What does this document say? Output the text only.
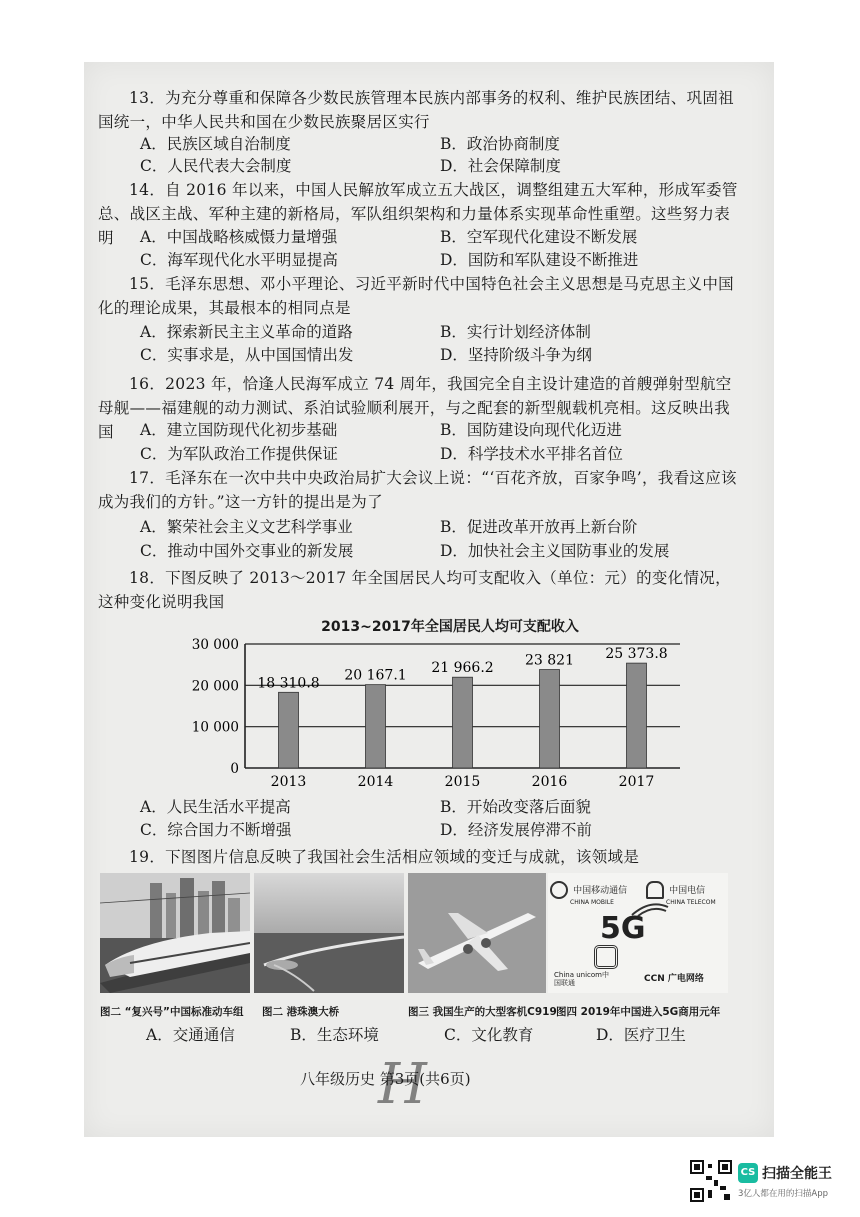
13．为充分尊重和保障各少数民族管理本民族内部事务的权利、维护民族团结、巩固祖国统一，中华人民共和国在少数民族聚居区实行

A．民族区域自治制度	B．政治协商制度
C．人民代表大会制度	D．社会保障制度

14．自 2016 年以来，中国人民解放军成立五大战区，调整组建五大军种，形成军委管总、战区主战、军种主建的新格局，军队组织架构和力量体系实现革命性重塑。这些努力表明	A．中国战略核威慑力量增强	B．空军现代化建设不断发展
C．海军现代化水平明显提高	D．国防和军队建设不断推进

15．毛泽东思想、邓小平理论、习近平新时代中国特色社会主义思想是马克思主义中国化的理论成果，其最根本的相同点是

A．探索新民主主义革命的道路	B．实行计划经济体制
C．实事求是，从中国国情出发	D．坚持阶级斗争为纲

16．2023 年，恰逢人民海军成立 74 周年，我国完全自主设计建造的首艘弹射型航空母舰——福建舰的动力测试、系泊试验顺利展开，与之配套的新型舰载机亮相。这反映出我国	A．建立国防现代化初步基础	B．国防建设向现代化迈进
C．为军队政治工作提供保证	D．科学技术水平排名首位

17．毛泽东在一次中共中央政治局扩大会议上说：“‘百花齐放，百家争鸣’，我看这应该成为我们的方针。”这一方针的提出是为了

A．繁荣社会主义文艺科学事业	B．促进改革开放再上新台阶
C．推动中国外交事业的新发展	D．加快社会主义国防事业的发展

18．下图反映了 2013～2017 年全国居民人均可支配收入（单位：元）的变化情况，这种变化说明我国

2013~2017年全国居民人均可支配收入
0
10 000
20 000
30 000
18 310.8
2013
20 167.1
2014
21 966.2
2015
23 821
2016
25 373.8
2017
A．人民生活水平提高	B．开始改变落后面貌
C．综合国力不断增强	D．经济发展停滞不前

19．下图图片信息反映了我国社会生活相应领域的变迁与成就，该领域是

中国移动通信
CHINA MOBILE
中国电信
CHINA TELECOM
5G
China unicom中国联通	CCN 广电网络
图二 “复兴号”中国标准动车组 图二 港珠澳大桥	图三 我国生产的大型客机C919 图四 2019年中国进入5G商用元年
A．交通通信	B．生态环境	C．文化教育	D．医疗卫生
H
八年级历史 第3页(共6页)
CS 扫描全能王
3亿人都在用的扫描App
